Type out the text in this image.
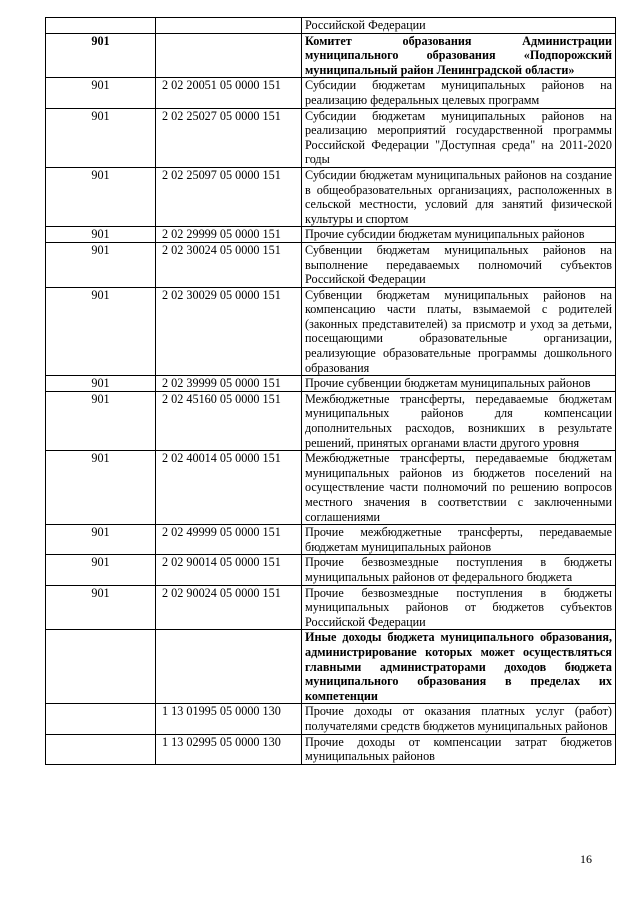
		Российской Федерации
901		Комитет образования Администрации муниципального образования «Подпорожский муниципальный район Ленинградской области»
901	2 02 20051 05 0000 151	Субсидии бюджетам муниципальных районов на реализацию федеральных целевых программ
901	2 02 25027 05 0000 151	Субсидии бюджетам муниципальных районов на реализацию мероприятий государственной программы Российской Федерации "Доступная среда" на 2011-2020 годы
901	2 02 25097 05 0000 151	Субсидии бюджетам муниципальных районов на создание в общеобразовательных организациях, расположенных в сельской местности, условий для занятий физической культуры и спортом
901	2 02 29999 05 0000 151	Прочие субсидии бюджетам муниципальных районов
901	2 02 30024 05 0000 151	Субвенции бюджетам муниципальных районов на выполнение передаваемых полномочий субъектов Российской Федерации
901	2 02 30029 05 0000 151	Субвенции бюджетам муниципальных районов на компенсацию части платы, взымаемой с родителей (законных представителей) за присмотр и уход за детьми, посещающими образовательные организации, реализующие образовательные программы дошкольного образования
901	2 02 39999 05 0000 151	Прочие субвенции бюджетам муниципальных районов
901	2 02 45160 05 0000 151	Межбюджетные трансферты, передаваемые бюджетам муниципальных районов для компенсации дополнительных расходов, возникших в результате решений, принятых органами власти другого уровня
901	2 02 40014 05 0000 151	Межбюджетные трансферты, передаваемые бюджетам муниципальных районов из бюджетов поселений на осуществление части полномочий по решению вопросов местного значения в соответствии с заключенными соглашениями
901	2 02 49999 05 0000 151	Прочие межбюджетные трансферты, передаваемые бюджетам муниципальных районов
901	2 02 90014 05 0000 151	Прочие безвозмездные поступления в бюджеты муниципальных районов от федерального бюджета
901	2 02 90024 05 0000 151	Прочие безвозмездные поступления в бюджеты муниципальных районов от бюджетов субъектов Российской Федерации
		Иные доходы бюджета муниципального образования, администрирование которых может осуществляться главными администраторами доходов бюджета муниципального образования в пределах их компетенции
	1 13 01995 05 0000 130	Прочие доходы от оказания платных услуг (работ) получателями средств бюджетов муниципальных районов
	1 13 02995 05 0000 130	Прочие доходы от компенсации затрат бюджетов муниципальных районов
16
